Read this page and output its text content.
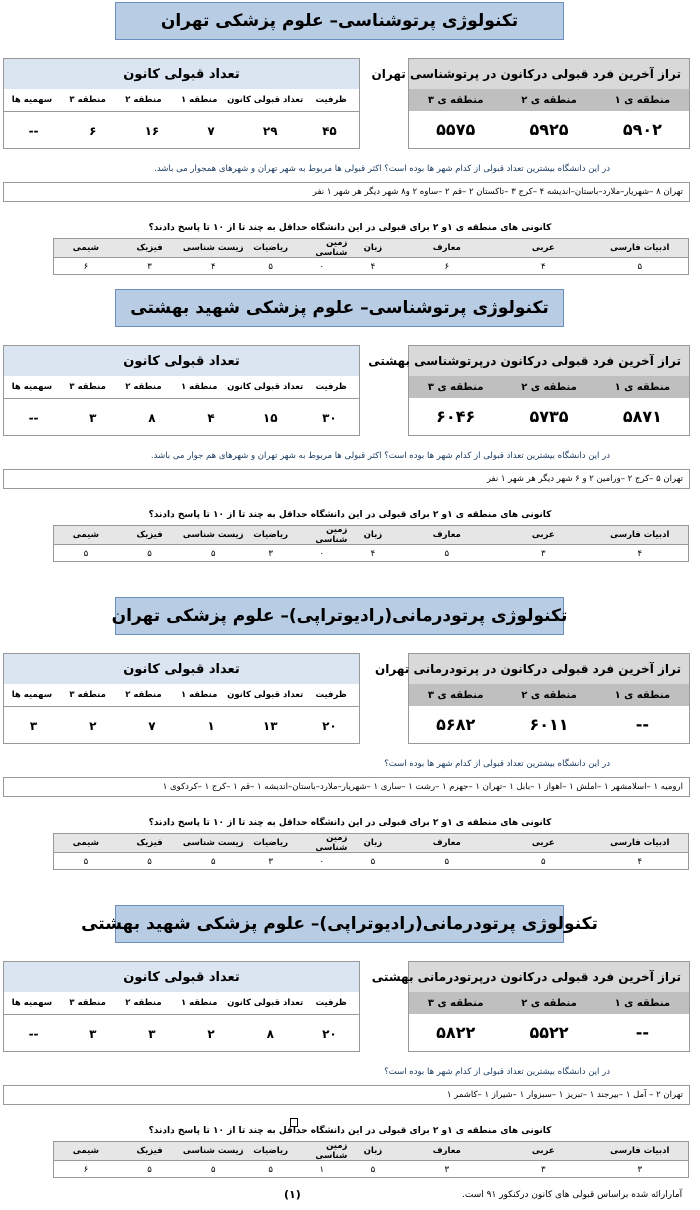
تکنولوژی پرتوشناسی– علوم پزشکی تهران
تراز آخرین فرد قبولی درکانون در پرتوشناسی تهران
منطقه ی ۱
منطقه ی ۲
منطقه ی ۳
۵۹۰۲
۵۹۲۵
۵۵۷۵
تعداد قبولی کانون
ظرفیت
تعداد قبولی کانون
منطقه ۱
منطقه ۲
منطقه ۳
سهمیه ها
۴۵
۲۹
۷
۱۶
۶
--
در این دانشگاه بیشترین تعداد قبولی از کدام شهر ها بوده است؟ اکثر قبولی ها مربوط به شهر تهران و شهرهای همجوار می باشد.
تهران ۸ –شهریار–ملارد–باستان–اندیشه ۴ –کرج ۳ –تاکستان ۲ –قم ۲ –ساوه ۲ و۸ شهر دیگر هر شهر ۱ نفر
کانونی های منطقه ی ۱و ۲ برای قبولی در این دانشگاه حداقل به چند تا از ۱۰ تا پاسخ دادند؟
ادبیات فارسی
عربی
معارف
زبان
زمین شناسی
ریاضیات
زیست شناسی
فیزیک
شیمی
۵
۴
۶
۴
۰
۵
۴
۳
۶
تکنولوژی پرتوشناسی– علوم پزشکی شهید بهشتی
تراز آخرین فرد قبولی درکانون درپرتوشناسی بهشتی
منطقه ی ۱
منطقه ی ۲
منطقه ی ۳
۵۸۷۱
۵۷۳۵
۶۰۴۶
تعداد قبولی کانون
ظرفیت
تعداد قبولی کانون
منطقه ۱
منطقه ۲
منطقه ۳
سهمیه ها
۳۰
۱۵
۴
۸
۳
--
در این دانشگاه بیشترین تعداد قبولی از کدام شهر ها بوده است؟ اکثر قبولی ها مربوط به شهر تهران و شهرهای هم جوار می باشد.
تهران ۵ –کرج ۲ –ورامین ۲ و ۶ شهر دیگر هر شهر ۱ نفر
کانونی های منطقه ی ۱و ۲ برای قبولی در این دانشگاه حداقل به چند تا از ۱۰ تا پاسخ دادند؟
ادبیات فارسی
عربی
معارف
زبان
زمین شناسی
ریاضیات
زیست شناسی
فیزیک
شیمی
۴
۳
۵
۴
۰
۳
۵
۵
۵
تکنولوژی پرتودرمانی(رادیوتراپی)– علوم پزشکی تهران
تراز آخرین فرد قبولی درکانون در پرتودرمانی تهران
منطقه ی ۱
منطقه ی ۲
منطقه ی ۳
--
۶۰۱۱
۵۶۸۲
تعداد قبولی کانون
ظرفیت
تعداد قبولی کانون
منطقه ۱
منطقه ۲
منطقه ۳
سهمیه ها
۲۰
۱۳
۱
۷
۲
۳
در این دانشگاه بیشترین تعداد قبولی از کدام شهر ها بوده است؟
ارومیه ۱ –اسلامشهر ۱ –املش ۱ –اهواز ۱ –بابل ۱ –تهران ۱ –جهرم ۱ –رشت ۱ –ساری ۱ –شهریار–ملارد–باستان–اندیشه ۱ –قم ۱ –کرج ۱ –کردکوی ۱
کانونی های منطقه ی ۱و ۲ برای قبولی در این دانشگاه حداقل به چند تا از ۱۰ تا پاسخ دادند؟
ادبیات فارسی
عربی
معارف
زبان
زمین شناسی
ریاضیات
زیست شناسی
فیزیک
شیمی
۴
۵
۵
۵
۰
۳
۵
۵
۵
تکنولوژی پرتودرمانی(رادیوتراپی)– علوم پزشکی شهید بهشتی
تراز آخرین فرد قبولی درکانون درپرتودرمانی بهشتی
منطقه ی ۱
منطقه ی ۲
منطقه ی ۳
--
۵۵۲۲
۵۸۲۲
تعداد قبولی کانون
ظرفیت
تعداد قبولی کانون
منطقه ۱
منطقه ۲
منطقه ۳
سهمیه ها
۲۰
۸
۲
۳
۳
--
در این دانشگاه بیشترین تعداد قبولی از کدام شهر ها بوده است؟
تهران ۲ – آمل ۱ –بیرجند ۱ –تبریز ۱ –سبزوار ۱ –شیراز ۱ –کاشمر ۱
کانونی های منطقه ی ۱و ۲ برای قبولی در این دانشگاه حداقل به چند تا از ۱۰ تا پاسخ دادند؟
ادبیات فارسی
عربی
معارف
زبان
زمین شناسی
ریاضیات
زیست شناسی
فیزیک
شیمی
۳
۳
۳
۵
۱
۵
۵
۵
۶
(۱)	آمارارائه شده براساس قبولی های کانون درکنکور ۹۱ است.
